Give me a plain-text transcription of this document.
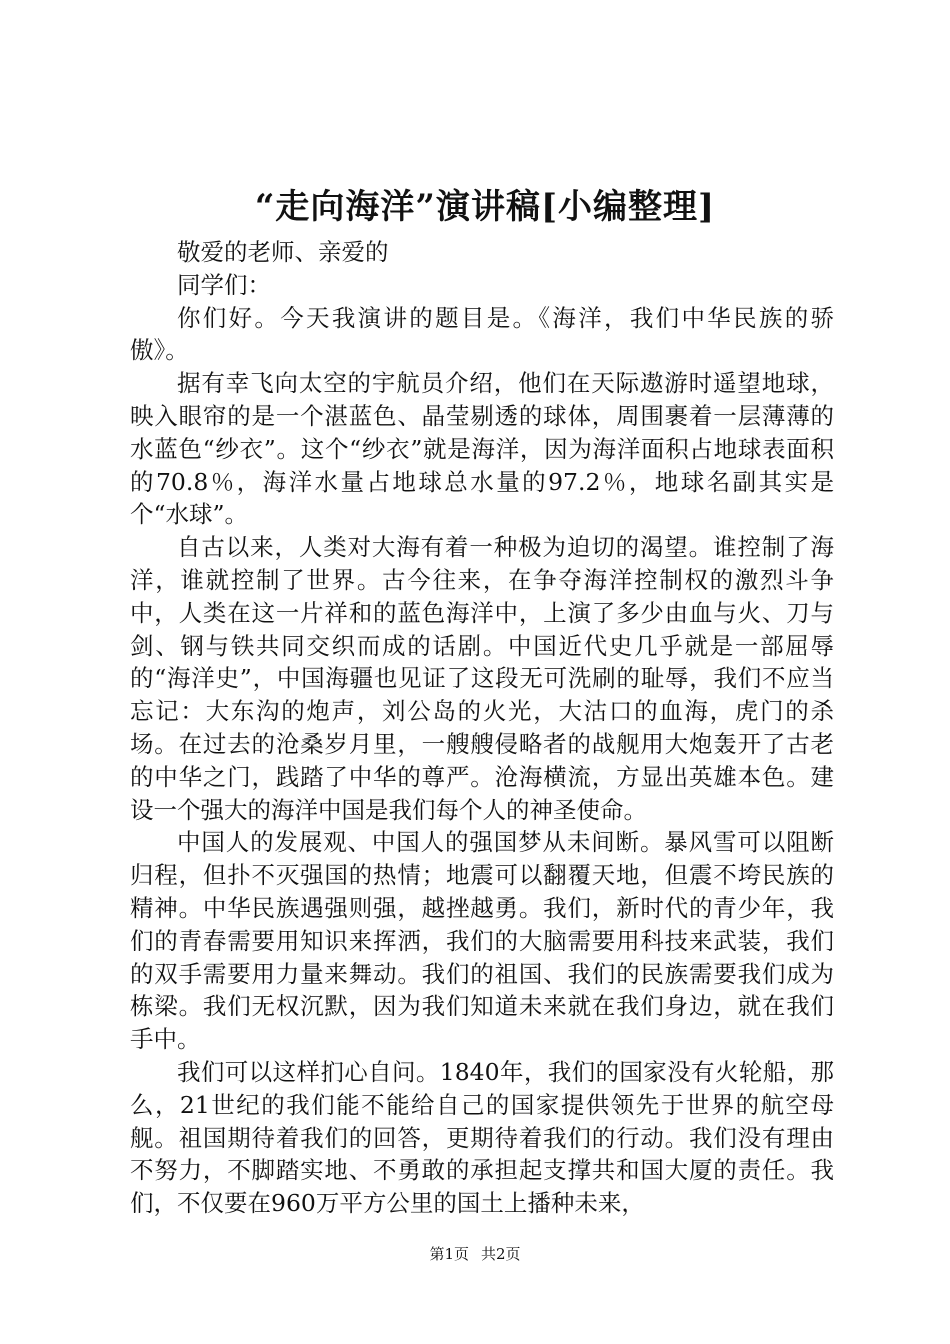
“走向海洋”演讲稿[小编整理]

敬爱的老师、亲爱的

同学们：

你们好。今天我演讲的题目是。《海洋，我们中华民族的骄傲》。

据有幸飞向太空的宇航员介绍，他们在天际遨游时遥望地球，映入眼帘的是一个湛蓝色、晶莹剔透的球体，周围裹着一层薄薄的水蓝色“纱衣”。这个“纱衣”就是海洋，因为海洋面积占地球表面积的70.8％，海洋水量占地球总水量的97.2％，地球名副其实是个“水球”。

自古以来，人类对大海有着一种极为迫切的渴望。谁控制了海洋，谁就控制了世界。古今往来，在争夺海洋控制权的激烈斗争中，人类在这一片祥和的蓝色海洋中，上演了多少由血与火、刀与剑、钢与铁共同交织而成的话剧。中国近代史几乎就是一部屈辱的“海洋史”，中国海疆也见证了这段无可洗刷的耻辱，我们不应当忘记：大东沟的炮声，刘公岛的火光，大沽口的血海，虎门的杀场。在过去的沧桑岁月里，一艘艘侵略者的战舰用大炮轰开了古老的中华之门，践踏了中华的尊严。沧海横流，方显出英雄本色。建设一个强大的海洋中国是我们每个人的神圣使命。

中国人的发展观、中国人的强国梦从未间断。暴风雪可以阻断归程，但扑不灭强国的热情；地震可以翻覆天地，但震不垮民族的精神。中华民族遇强则强，越挫越勇。我们，新时代的青少年，我们的青春需要用知识来挥洒，我们的大脑需要用科技来武装，我们的双手需要用力量来舞动。我们的祖国、我们的民族需要我们成为栋梁。我们无权沉默，因为我们知道未来就在我们身边，就在我们手中。

我们可以这样扪心自问。1840年，我们的国家没有火轮船，那么，21世纪的我们能不能给自己的国家提供领先于世界的航空母舰。祖国期待着我们的回答，更期待着我们的行动。我们没有理由不努力，不脚踏实地、不勇敢的承担起支撑共和国大厦的责任。我们，不仅要在960万平方公里的国土上播种未来，

第1页 共2页
